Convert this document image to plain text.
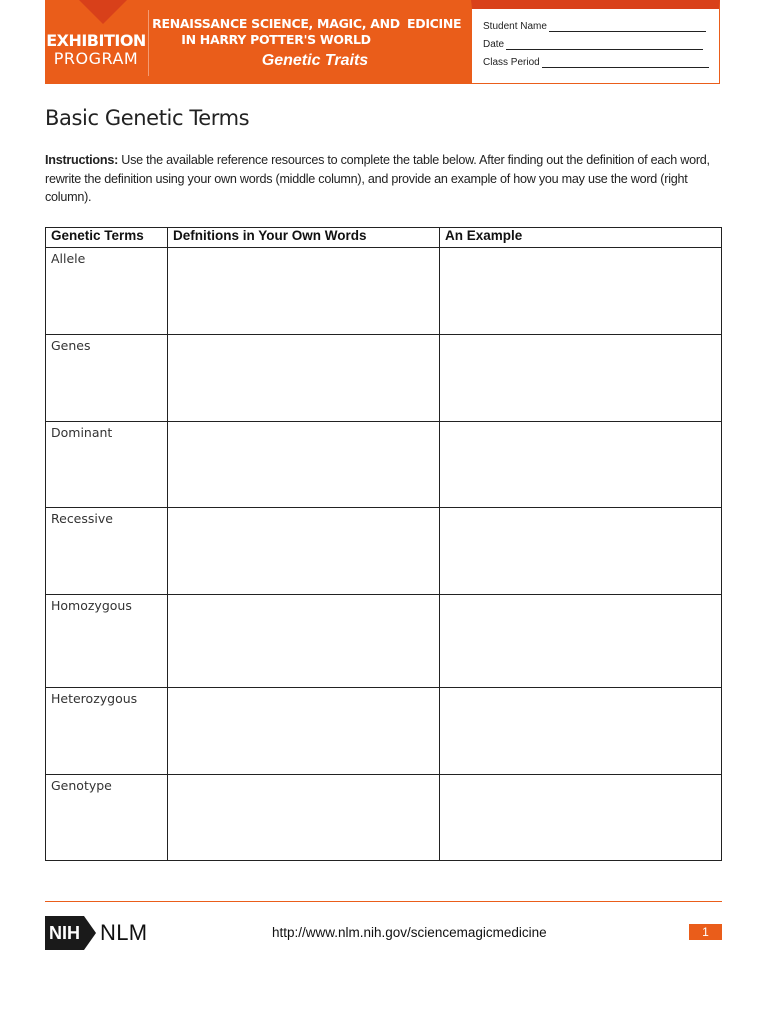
EXHIBITION
PROGRAM
RENAISSANCE SCIENCE, MAGIC, AND EDICINE
IN HARRY POTTER'S WORLD
Genetic Traits
Student Name
Date
Class Period
Basic Genetic Terms
Instructions: Use the available reference resources to complete the table below. After finding out the definition of each word, rewrite the definition using your own words (middle column), and provide an example of how you may use the word (right column).
Genetic Terms	Defnitions in Your Own Words	An Example
Allele		
Genes		
Dominant		
Recessive		
Homozygous		
Heterozygous		
Genotype		
NIH NLM	http://www.nlm.nih.gov/sciencemagicmedicine	1
